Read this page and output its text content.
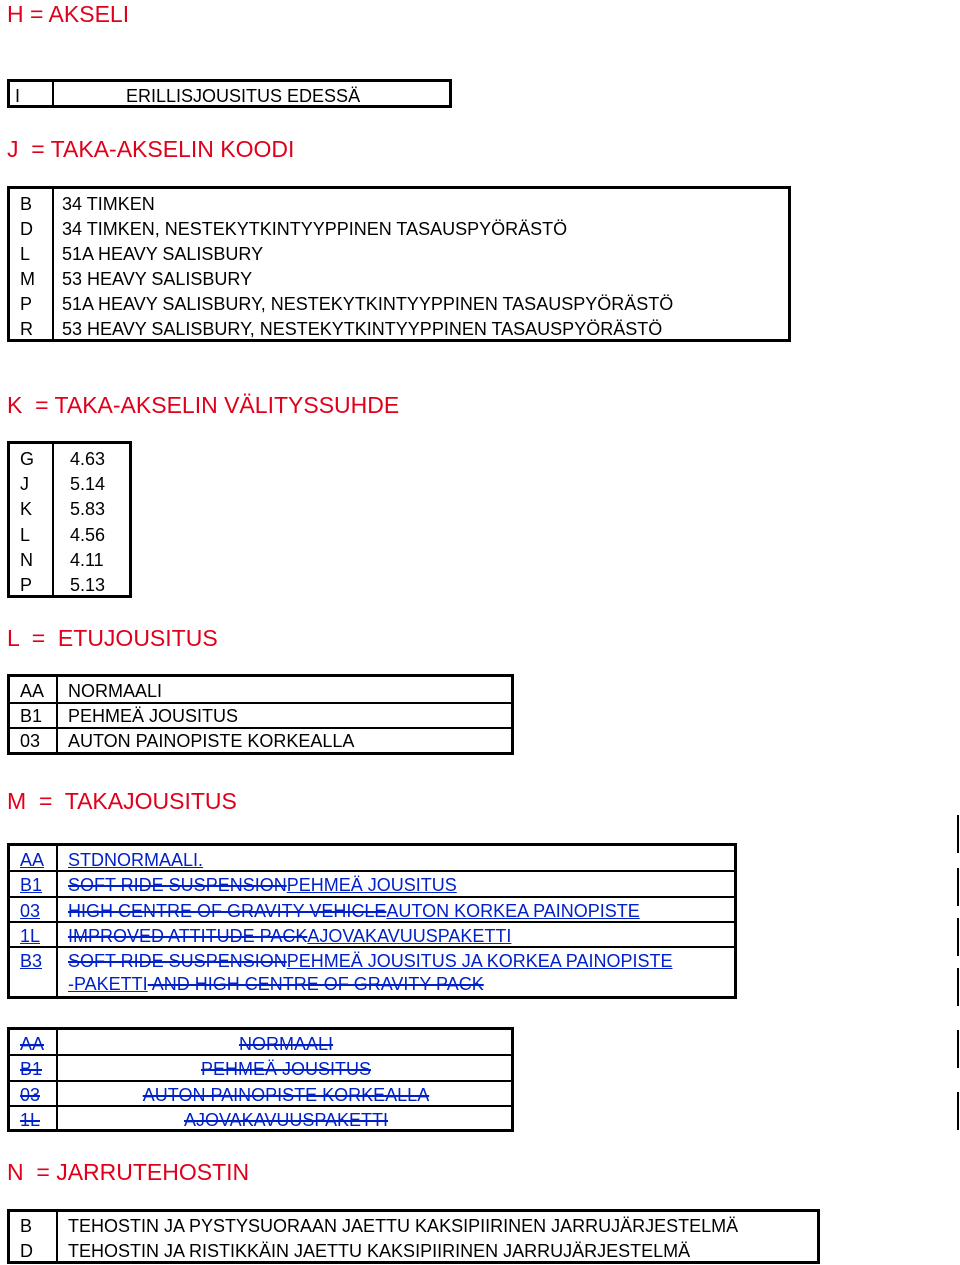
H = AKSELI
I	ERILLISJOUSITUS EDESSÄ
J  = TAKA-AKSELIN KOODI
B 34 TIMKEN
D 34 TIMKEN, NESTEKYTKINTYYPPINEN TASAUSPYÖRÄSTÖ
L 51A HEAVY SALISBURY
M 53 HEAVY SALISBURY
P 51A HEAVY SALISBURY, NESTEKYTKINTYYPPINEN TASAUSPYÖRÄSTÖ
R 53 HEAVY SALISBURY, NESTEKYTKINTYYPPINEN TASAUSPYÖRÄSTÖ
K  = TAKA-AKSELIN VÄLITYSSUHDE
G 4.63
J 5.14
K 5.83
L 4.56
N 4.11
P 5.13
L  =  ETUJOUSITUS
AA NORMAALI
B1 PEHMEÄ JOUSITUS
03 AUTON PAINOPISTE KORKEALLA
M  =  TAKAJOUSITUS
AA STDNORMAALI.
B1 SOFT RIDE SUSPENSIONPEHMEÄ JOUSITUS
03 HIGH CENTRE OF GRAVITY VEHICLEAUTON KORKEA PAINOPISTE
1L IMPROVED ATTITUDE PACKAJOVAKAVUUSPAKETTI
B3 SOFT RIDE SUSPENSIONPEHMEÄ JOUSITUS JA KORKEA PAINOPISTE
-PAKETTI AND HIGH CENTRE OF GRAVITY PACK
AA	NORMAALI
B1	PEHMEÄ JOUSITUS
03	AUTON PAINOPISTE KORKEALLA
1L	AJOVAKAVUUSPAKETTI
N  = JARRUTEHOSTIN
B TEHOSTIN JA PYSTYSUORAAN JAETTU KAKSIPIIRINEN JARRUJÄRJESTELMÄ
D TEHOSTIN JA RISTIKKÄIN JAETTU KAKSIPIIRINEN JARRUJÄRJESTELMÄ
